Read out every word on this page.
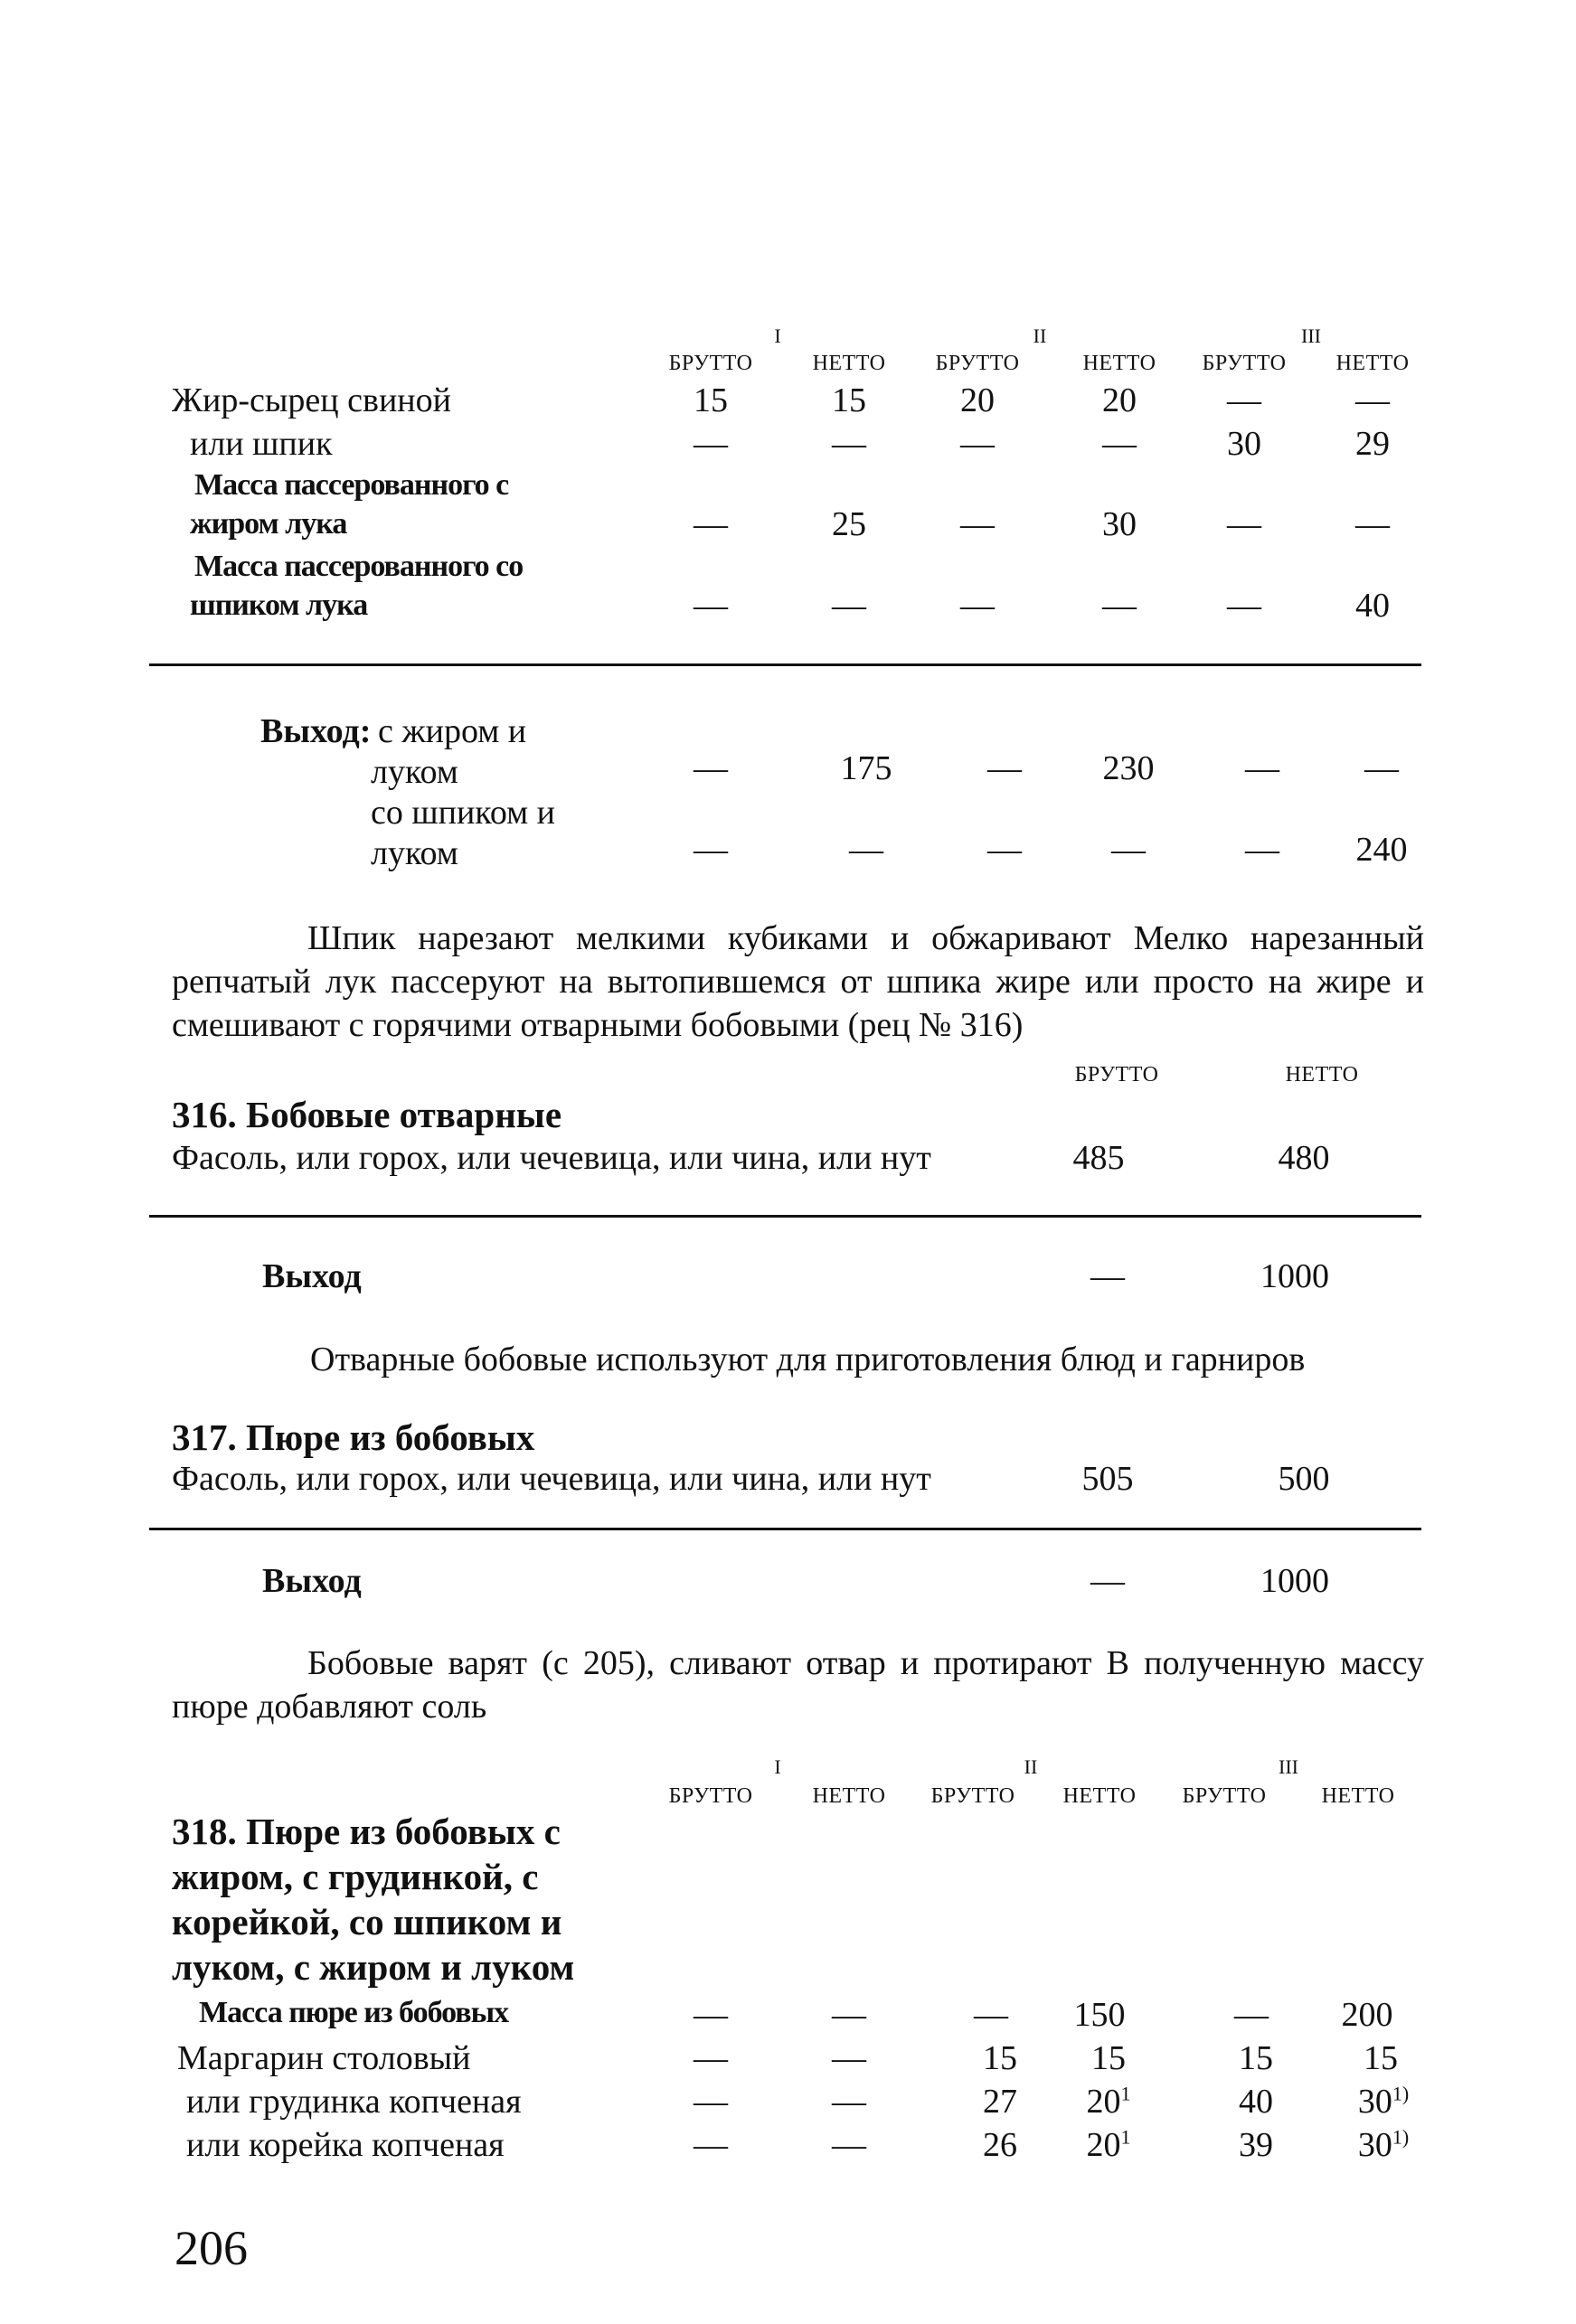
I	II	III
БРУТТО	НЕТТО	БРУТТО	НЕТТО	БРУТТО	НЕТТО
Жир-сырец свиной	15	15	20	20	—	—
или шпик	—	—	—	—	30	29
Масса пассерованного с
жиром лука	—	25	—	30	—	—
Масса пассерованного со
шпиком лука	—	—	—	—	—	40
Выход: с жиром и
луком	—	175	—	230	—	—
со шпиком и
луком	—	—	—	—	—	240
Шпик нарезают мелкими кубиками и обжаривают Мелко нарезанный репчатый лук пассеруют на вытопившемся от шпика жире или просто на жире и смешивают с горячими отварными бобовыми (рец № 316)
БРУТТО	НЕТТО
316. Бобовые отварные
Фасоль, или горох, или чечевица, или чина, или нут	485	480
Выход	—	1000
Отварные бобовые используют для приготовления блюд и гарниров
317. Пюре из бобовых
Фасоль, или горох, или чечевица, или чина, или нут	505	500
Выход	—	1000
Бобовые варят (с 205), сливают отвар и протирают В полученную массу пюре добавляют соль
I	II	III
БРУТТО	НЕТТО	БРУТТО	НЕТТО	БРУТТО	НЕТТО
318. Пюре из бобовых с
жиром, с грудинкой, с
корейкой, со шпиком и
луком, с жиром и луком
Масса пюре из бобовых	—	—	—	150	—	200
Маргарин столовый	—	—	15	15	15	15
или грудинка копченая	—	—	27	$20^1$	40	30$^{1)}$
или корейка копченая	—	—	26	$20^1$	39	30$^{1)}$
206
